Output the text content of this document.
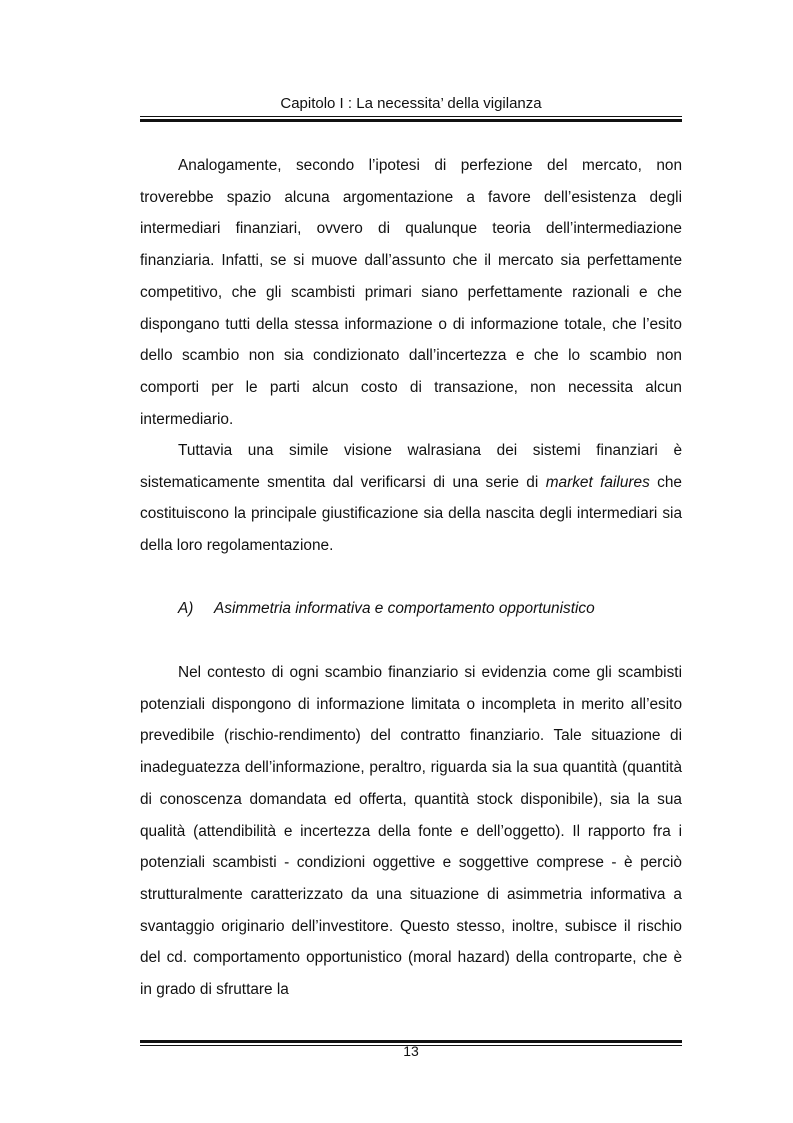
Capitolo I : La necessita’ della vigilanza

Analogamente, secondo l’ipotesi di perfezione del mercato, non troverebbe spazio alcuna argomentazione a favore dell’esistenza degli intermediari finanziari, ovvero di qualunque teoria dell’intermediazione finanziaria. Infatti, se si muove dall’assunto che il mercato sia perfettamente competitivo, che gli scambisti primari siano perfettamente razionali e che dispongano tutti della stessa informazione o di informazione totale, che l’esito dello scambio non sia condizionato dall’incertezza e che lo scambio non comporti per le parti alcun costo di transazione, non necessita alcun intermediario.

Tuttavia una simile visione walrasiana dei sistemi finanziari è sistematicamente smentita dal verificarsi di una serie di market failures che costituiscono la principale giustificazione sia della nascita degli intermediari sia della loro regolamentazione.

A) Asimmetria informativa e comportamento opportunistico

Nel contesto di ogni scambio finanziario si evidenzia come gli scambisti potenziali dispongono di informazione limitata o incompleta in merito all’esito prevedibile (rischio-rendimento) del contratto finanziario. Tale situazione di inadeguatezza dell’informazione, peraltro, riguarda sia la sua quantità (quantità di conoscenza domandata ed offerta, quantità stock disponibile), sia la sua qualità (attendibilità e incertezza della fonte e dell’oggetto). Il rapporto fra i potenziali scambisti - condizioni oggettive e soggettive comprese - è perciò strutturalmente caratterizzato da una situazione di asimmetria informativa a svantaggio originario dell’investitore. Questo stesso, inoltre, subisce il rischio del cd. comportamento opportunistico (moral hazard) della controparte, che è in grado di sfruttare la

13
